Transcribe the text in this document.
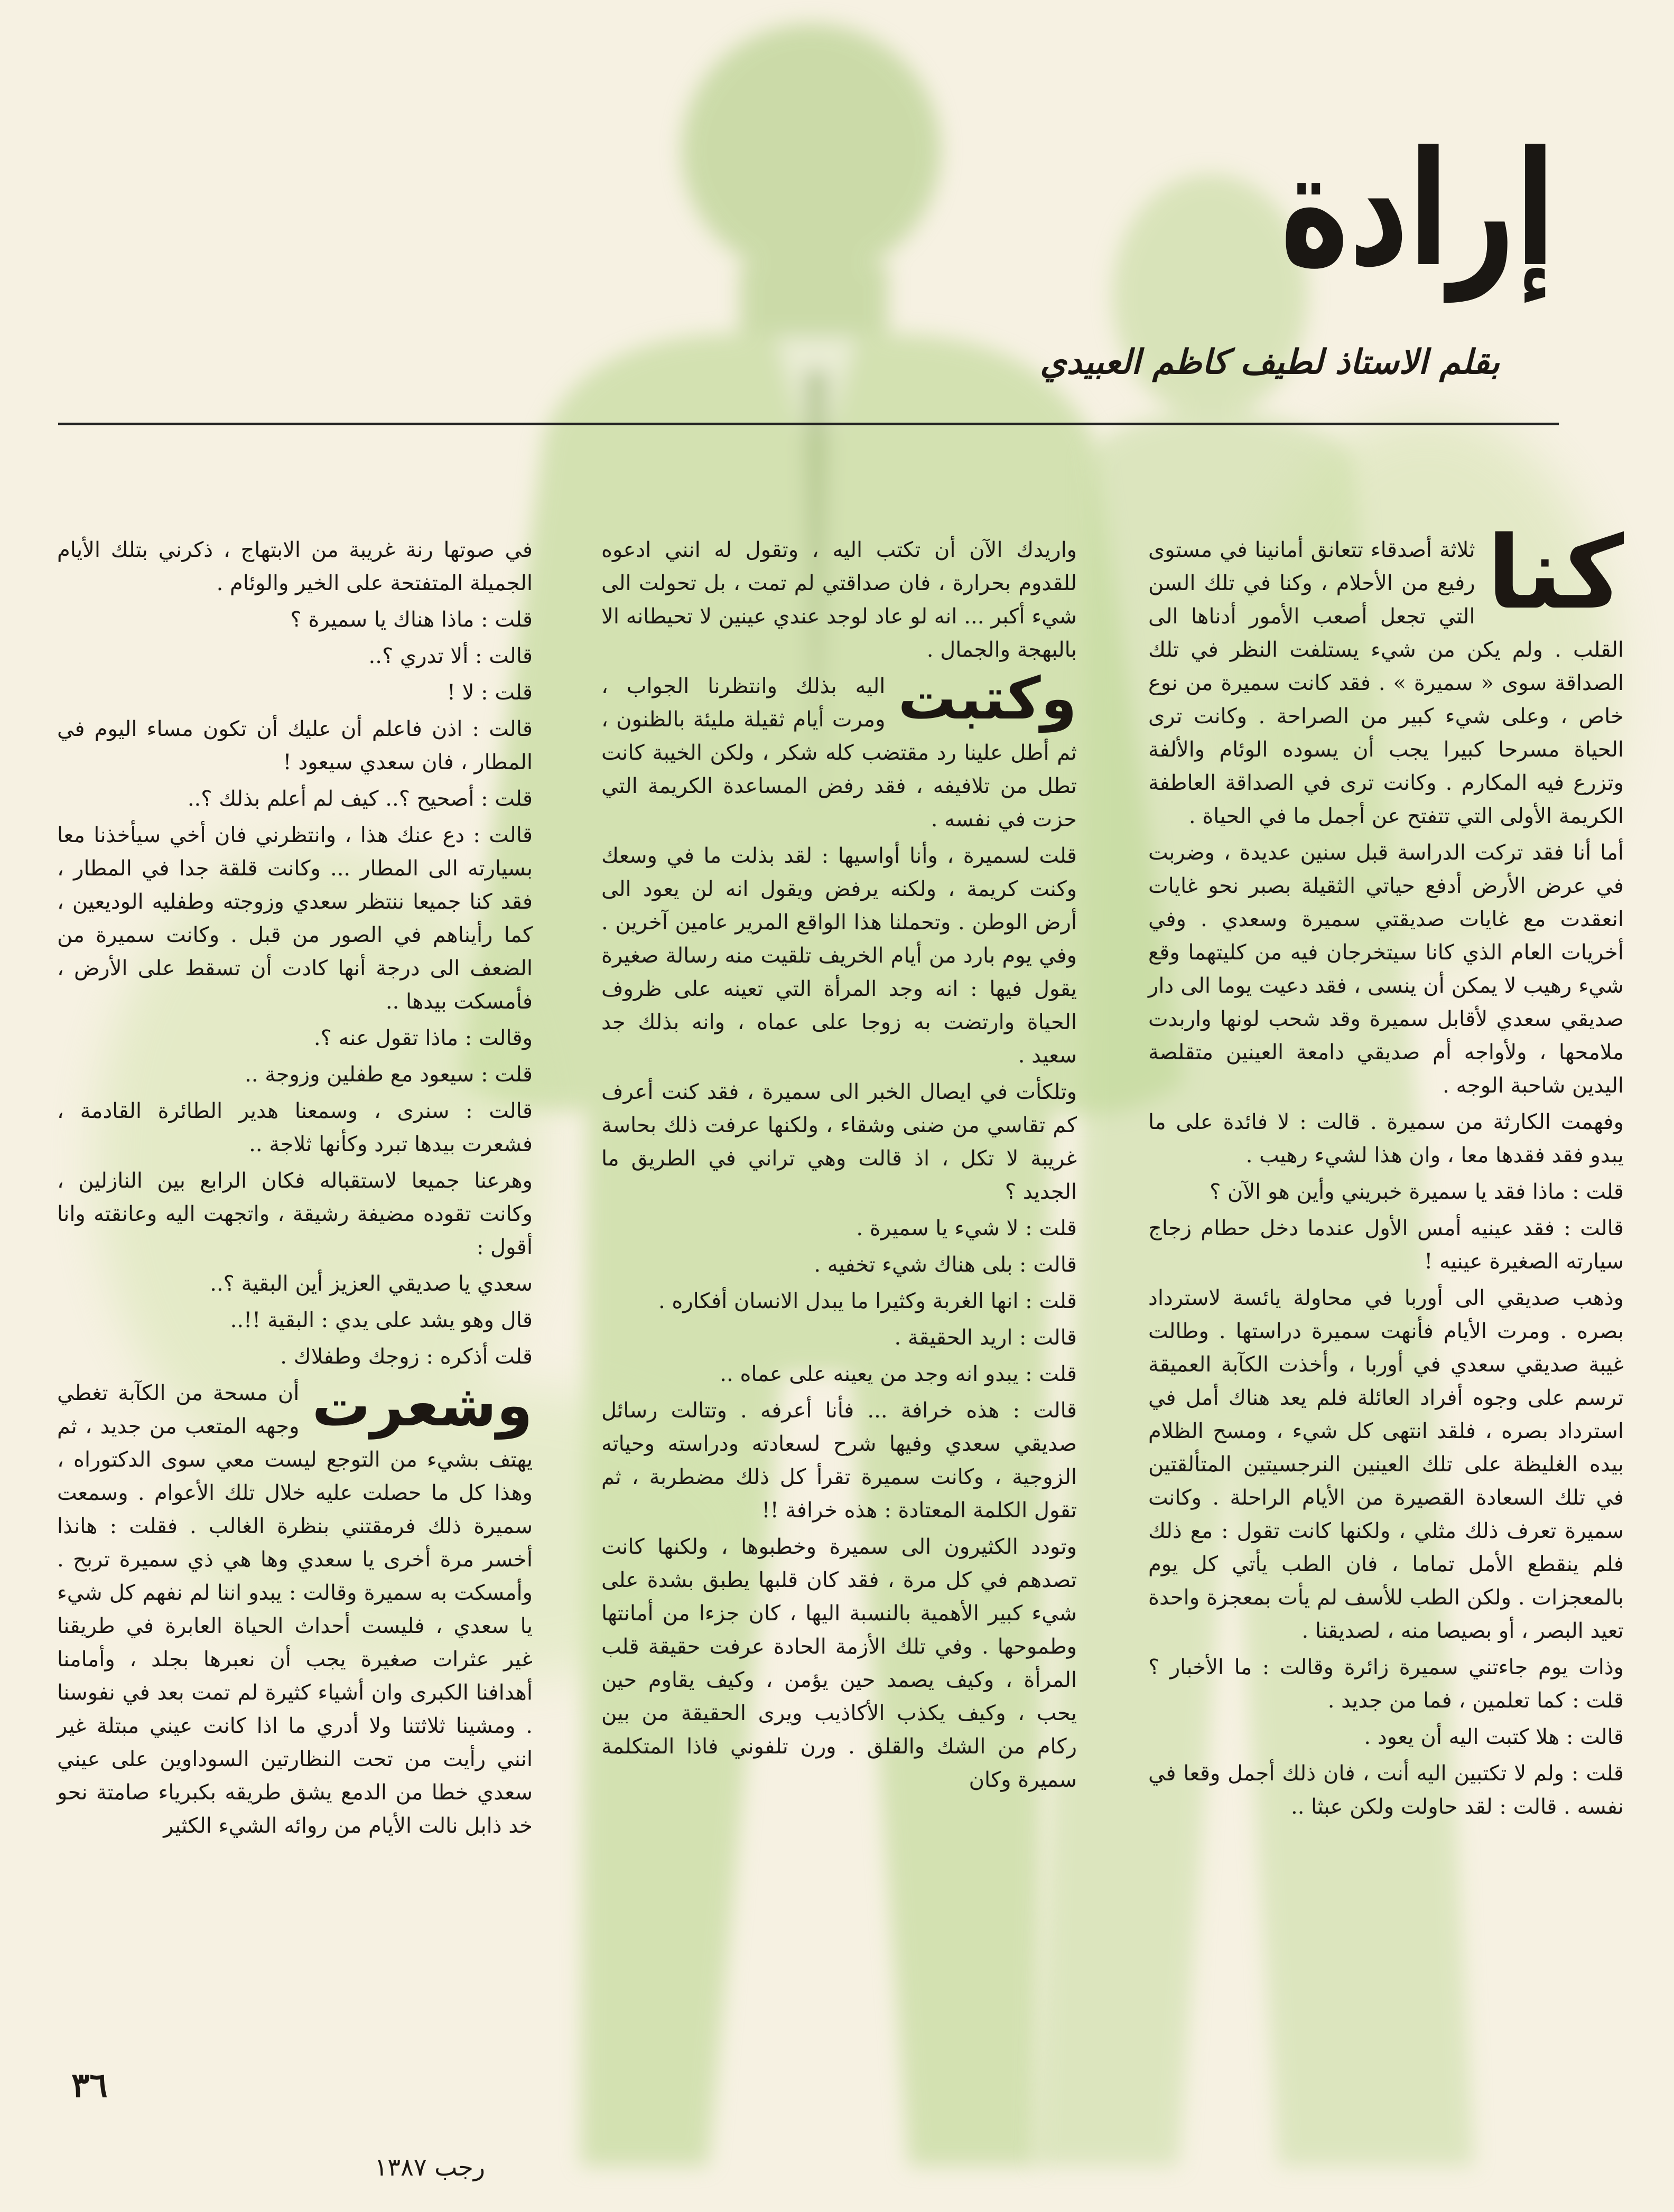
إرادة
بقلم الاستاذ لطيف كاظم العبيدي

كنا
ثلاثة أصدقاء تتعانق أمانينا في مستوى رفيع من الأحلام ، وكنا في تلك السن التي تجعل أصعب الأمور أدناها الى القلب . ولم يكن من شيء يستلفت النظر في تلك الصداقة سوى « سميرة » . فقد كانت سميرة من نوع خاص ، وعلى شيء كبير من الصراحة . وكانت ترى الحياة مسرحا كبيرا يجب أن يسوده الوئام والألفة وتزرع فيه المكارم . وكانت ترى في الصداقة العاطفة الكريمة الأولى التي تتفتح عن أجمل ما في الحياة .

أما أنا فقد تركت الدراسة قبل سنين عديدة ، وضربت في عرض الأرض أدفع حياتي الثقيلة بصبر نحو غايات انعقدت مع غايات صديقتي سميرة وسعدي . وفي أخريات العام الذي كانا سيتخرجان فيه من كليتهما وقع شيء رهيب لا يمكن أن ينسى ، فقد دعيت يوما الى دار صديقي سعدي لأقابل سميرة وقد شحب لونها واربدت ملامحها ، ولأواجه أم صديقي دامعة العينين متقلصة اليدين شاحبة الوجه .

وفهمت الكارثة من سميرة . قالت : لا فائدة على ما يبدو فقد فقدها معا ، وان هذا لشيء رهيب .

قلت : ماذا فقد يا سميرة خبريني وأين هو الآن ؟

قالت : فقد عينيه أمس الأول عندما دخل حطام زجاج سيارته الصغيرة عينيه !

وذهب صديقي الى أوربا في محاولة يائسة لاسترداد بصره . ومرت الأيام فأنهت سميرة دراستها . وطالت غيبة صديقي سعدي في أوربا ، وأخذت الكآبة العميقة ترسم على وجوه أفراد العائلة فلم يعد هناك أمل في استرداد بصره ، فلقد انتهى كل شيء ، ومسح الظلام بيده الغليظة على تلك العينين النرجسيتين المتألقتين في تلك السعادة القصيرة من الأيام الراحلة . وكانت سميرة تعرف ذلك مثلي ، ولكنها كانت تقول : مع ذلك فلم ينقطع الأمل تماما ، فان الطب يأتي كل يوم بالمعجزات . ولكن الطب للأسف لم يأت بمعجزة واحدة تعيد البصر ، أو بصيصا منه ، لصديقنا .

وذات يوم جاءتني سميرة زائرة وقالت : ما الأخبار ؟ قلت : كما تعلمين ، فما من جديد .

قالت : هلا كتبت اليه أن يعود .

قلت : ولم لا تكتبين اليه أنت ، فان ذلك أجمل وقعا في نفسه . قالت : لقد حاولت ولكن عبثا ..

واريدك الآن أن تكتب اليه ، وتقول له انني ادعوه للقدوم بحرارة ، فان صداقتي لم تمت ، بل تحولت الى شيء أكبر ... انه لو عاد لوجد عندي عينين لا تحيطانه الا بالبهجة والجمال .

وكتبت
اليه بذلك وانتظرنا الجواب ، ومرت أيام ثقيلة مليئة بالظنون ، ثم أطل علينا رد مقتضب كله شكر ، ولكن الخيبة كانت تطل من تلافيفه ، فقد رفض المساعدة الكريمة التي حزت في نفسه .

قلت لسميرة ، وأنا أواسيها : لقد بذلت ما في وسعك وكنت كريمة ، ولكنه يرفض ويقول انه لن يعود الى أرض الوطن . وتحملنا هذا الواقع المرير عامين آخرين . وفي يوم بارد من أيام الخريف تلقيت منه رسالة صغيرة يقول فيها : انه وجد المرأة التي تعينه على ظروف الحياة وارتضت به زوجا على عماه ، وانه بذلك جد سعيد .

وتلكأت في ايصال الخبر الى سميرة ، فقد كنت أعرف كم تقاسي من ضنى وشقاء ، ولكنها عرفت ذلك بحاسة غريبة لا تكل ، اذ قالت وهي تراني في الطريق ما الجديد ؟

قلت : لا شيء يا سميرة .

قالت : بلى هناك شيء تخفيه .

قلت : انها الغربة وكثيرا ما يبدل الانسان أفكاره .

قالت : اريد الحقيقة .

قلت : يبدو انه وجد من يعينه على عماه ..

قالت : هذه خرافة ... فأنا أعرفه . وتتالت رسائل صديقي سعدي وفيها شرح لسعادته ودراسته وحياته الزوجية ، وكانت سميرة تقرأ كل ذلك مضطربة ، ثم تقول الكلمة المعتادة : هذه خرافة !!

وتودد الكثيرون الى سميرة وخطبوها ، ولكنها كانت تصدهم في كل مرة ، فقد كان قلبها يطبق بشدة على شيء كبير الأهمية بالنسبة اليها ، كان جزءا من أمانتها وطموحها . وفي تلك الأزمة الحادة عرفت حقيقة قلب المرأة ، وكيف يصمد حين يؤمن ، وكيف يقاوم حين يحب ، وكيف يكذب الأكاذيب ويرى الحقيقة من بين ركام من الشك والقلق . ورن تلفوني فاذا المتكلمة سميرة وكان

في صوتها رنة غريبة من الابتهاج ، ذكرني بتلك الأيام الجميلة المتفتحة على الخير والوئام .

قلت : ماذا هناك يا سميرة ؟

قالت : ألا تدري ؟..

قلت : لا !

قالت : اذن فاعلم أن عليك أن تكون مساء اليوم في المطار ، فان سعدي سيعود !

قلت : أصحيح ؟.. كيف لم أعلم بذلك ؟..

قالت : دع عنك هذا ، وانتظرني فان أخي سيأخذنا معا بسيارته الى المطار ... وكانت قلقة جدا في المطار ، فقد كنا جميعا ننتظر سعدي وزوجته وطفليه الوديعين ، كما رأيناهم في الصور من قبل . وكانت سميرة من الضعف الى درجة أنها كادت أن تسقط على الأرض ، فأمسكت بيدها ..

وقالت : ماذا تقول عنه ؟.

قلت : سيعود مع طفلين وزوجة ..

قالت : سنرى ، وسمعنا هدير الطائرة القادمة ، فشعرت بيدها تبرد وكأنها ثلاجة ..

وهرعنا جميعا لاستقباله فكان الرابع بين النازلين ، وكانت تقوده مضيفة رشيقة ، واتجهت اليه وعانقته وانا أقول :

سعدي يا صديقي العزيز أين البقية ؟..

قال وهو يشد على يدي : البقية !!..

قلت أذكره : زوجك وطفلاك .

وشعرت
أن مسحة من الكآبة تغطي وجهه المتعب من جديد ، ثم يهتف بشيء من التوجع ليست معي سوى الدكتوراه ، وهذا كل ما حصلت عليه خلال تلك الأعوام . وسمعت سميرة ذلك فرمقتني بنظرة الغالب . فقلت : هانذا أخسر مرة أخرى يا سعدي وها هي ذي سميرة تربح . وأمسكت به سميرة وقالت : يبدو اننا لم نفهم كل شيء يا سعدي ، فليست أحداث الحياة العابرة في طريقنا غير عثرات صغيرة يجب أن نعبرها بجلد ، وأمامنا أهدافنا الكبرى وان أشياء كثيرة لم تمت بعد في نفوسنا . ومشينا ثلاثتنا ولا أدري ما اذا كانت عيني مبتلة غير انني رأيت من تحت النظارتين السوداوين على عيني سعدي خطا من الدمع يشق طريقه بكبرياء صامتة نحو خد ذابل نالت الأيام من روائه الشيء الكثير

٣٦
رجب ١٣٨٧
